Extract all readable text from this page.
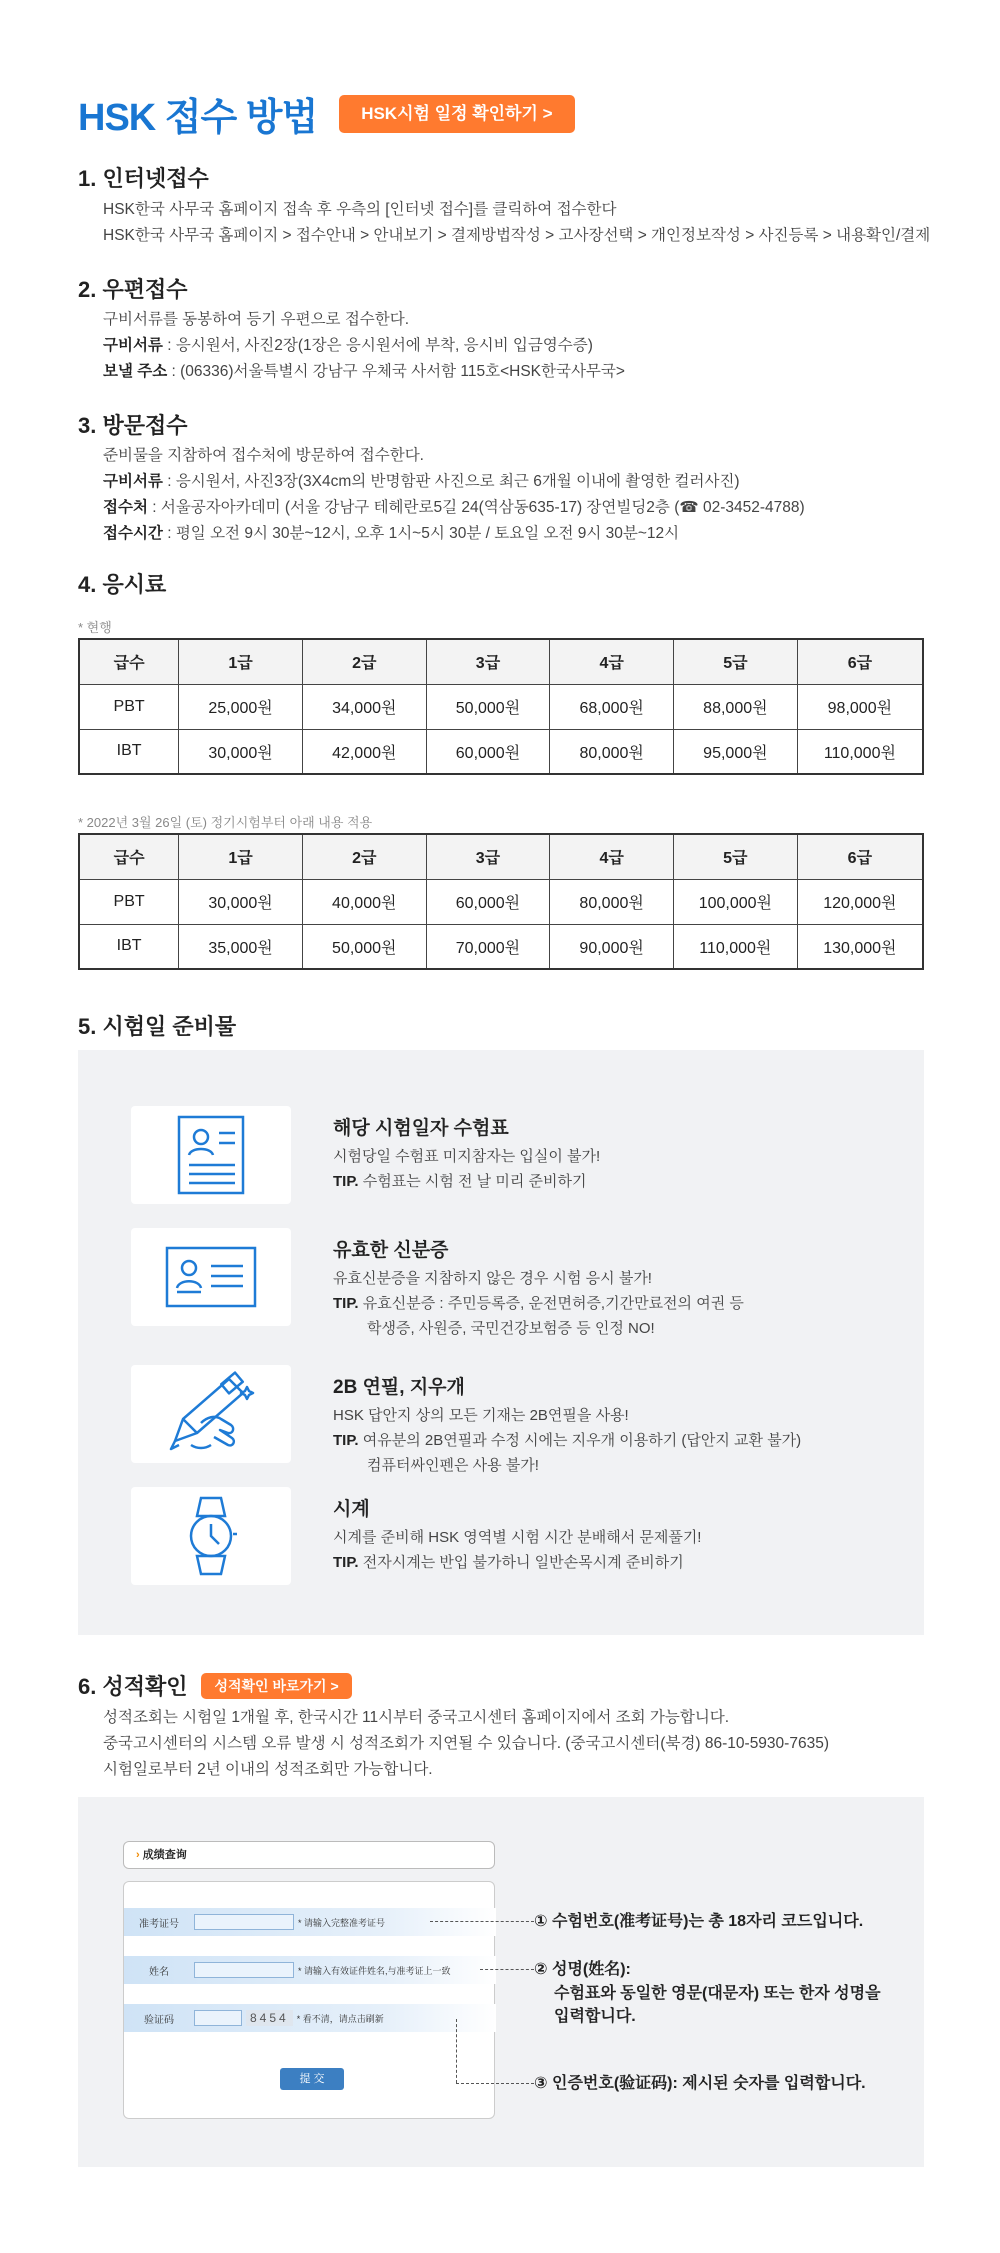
HSK 접수 방법	HSK시험 일정 확인하기 >
1. 인터넷접수
HSK한국 사무국 홈페이지 접속 후 우측의 [인터넷 접수]를 클릭하여 접수한다
HSK한국 사무국 홈페이지 > 접수안내 > 안내보기 > 결제방법작성 > 고사장선택 > 개인정보작성 > 사진등록 > 내용확인/결제
2. 우편접수
구비서류를 동봉하여 등기 우편으로 접수한다.
구비서류 : 응시원서, 사진2장(1장은 응시원서에 부착, 응시비 입금영수증)
보낼 주소 : (06336)서울특별시 강남구 우체국 사서함 115호<HSK한국사무국>
3. 방문접수
준비물을 지참하여 접수처에 방문하여 접수한다.
구비서류 : 응시원서, 사진3장(3X4cm의 반명함판 사진으로 최근 6개월 이내에 촬영한 컬러사진)
접수처 : 서울공자아카데미 (서울 강남구 테헤란로5길 24(역삼동635-17) 장연빌딩2층 (☎ 02-3452-4788)
접수시간 : 평일 오전 9시 30분~12시, 오후 1시~5시 30분 / 토요일 오전 9시 30분~12시
4. 응시료
* 현행
급수	1급	2급	3급	4급	5급	6급
PBT	25,000원	34,000원	50,000원	68,000원	88,000원	98,000원
IBT	30,000원	42,000원	60,000원	80,000원	95,000원	110,000원
* 2022년 3월 26일 (토) 정기시험부터 아래 내용 적용
급수	1급	2급	3급	4급	5급	6급
PBT	30,000원	40,000원	60,000원	80,000원	100,000원	120,000원
IBT	35,000원	50,000원	70,000원	90,000원	110,000원	130,000원
5. 시험일 준비물
해당 시험일자 수험표
시험당일 수험표 미지참자는 입실이 불가!
TIP. 수험표는 시험 전 날 미리 준비하기
유효한 신분증
유효신분증을 지참하지 않은 경우 시험 응시 불가!
TIP. 유효신분증 : 주민등록증, 운전면허증,기간만료전의 여권 등
학생증, 사원증, 국민건강보험증 등 인정 NO!
2B 연필, 지우개
HSK 답안지 상의 모든 기재는 2B연필을 사용!
TIP. 여유분의 2B연필과 수정 시에는 지우개 이용하기 (답안지 교환 불가)
컴퓨터싸인펜은 사용 불가!
시계
시계를 준비해 HSK 영역별 시험 시간 분배해서 문제풀기!
TIP. 전자시계는 반입 불가하니 일반손목시계 준비하기
6. 성적확인	성적확인 바로가기 >
성적조회는 시험일 1개월 후, 한국시간 11시부터 중국고시센터 홈페이지에서 조회 가능합니다.
중국고시센터의 시스템 오류 발생 시 성적조회가 지연될 수 있습니다. (중국고시센터(북경) 86-10-5930-7635)
시험일로부터 2년 이내의 성적조회만 가능합니다.
› 成绩查询
准考证号	* 请输入完整准考证号
姓名	* 请输入有效证件姓名,与准考证上一致
验证码	8454 * 看不清，请点击刷新
提 交
① 수험번호(准考证号)는 총 18자리 코드입니다.
② 성명(姓名):
수험표와 동일한 영문(대문자) 또는 한자 성명을
입력합니다.
③ 인증번호(验证码): 제시된 숫자를 입력합니다.
